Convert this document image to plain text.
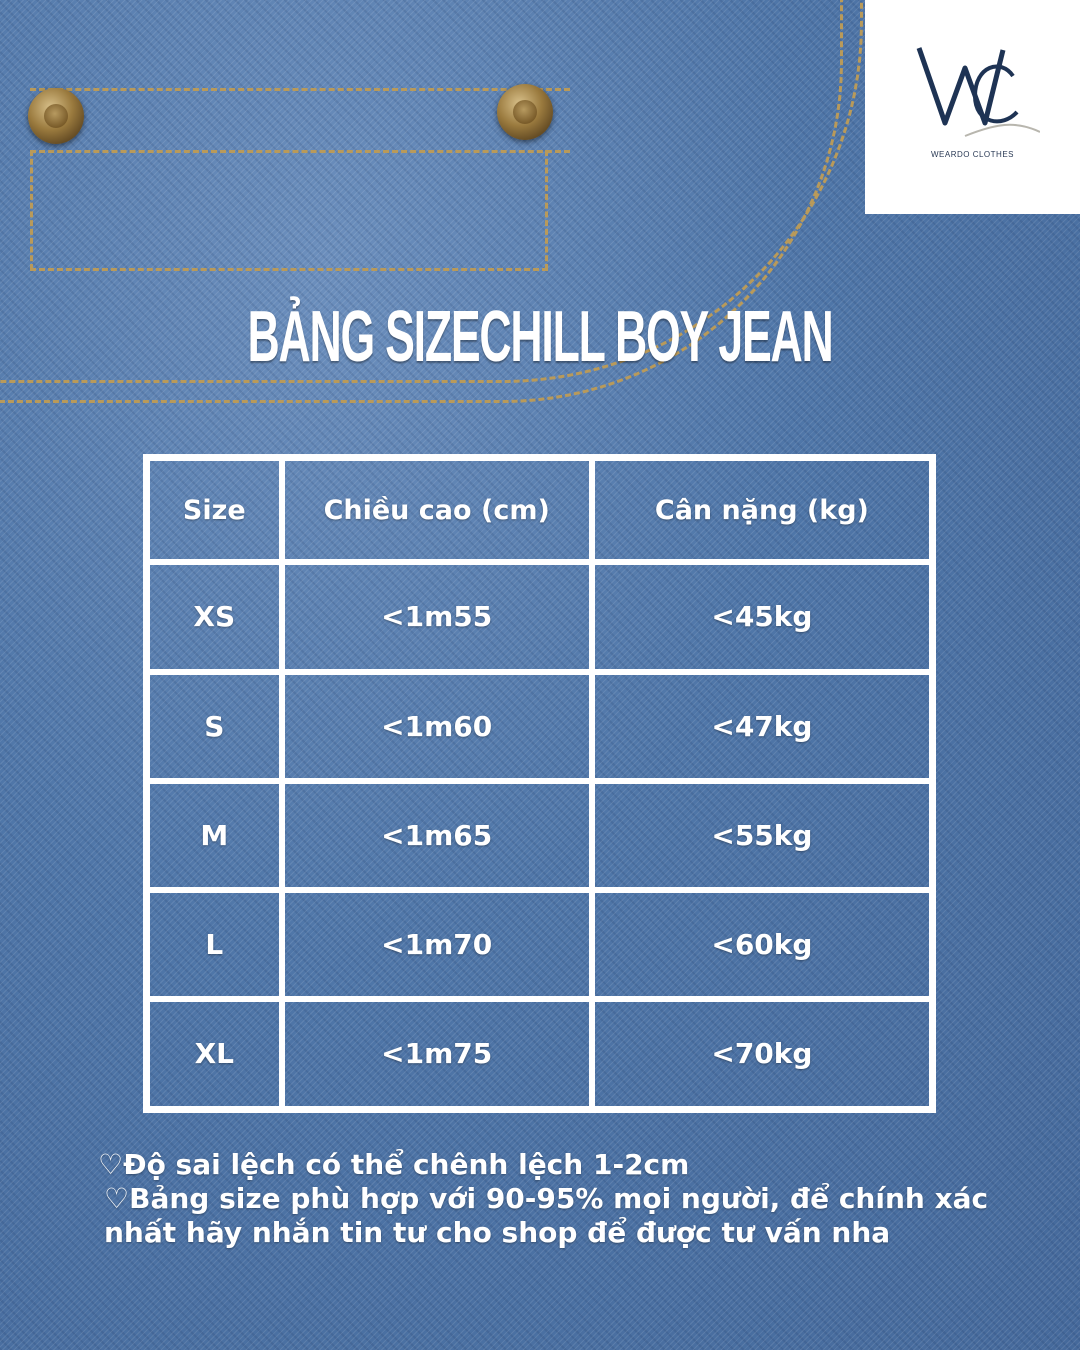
WEARDO CLOTHES
BẢNG SIZECHILL BOY JEAN
Size	Chiều cao (cm)	Cân nặng (kg)
XS	<1m55	<45kg
S	<1m60	<47kg
M	<1m65	<55kg
L	<1m70	<60kg
XL	<1m75	<70kg
♡Độ sai lệch có thể chênh lệch 1-2cm
♡Bảng size phù hợp với 90-95% mọi người, để chính xác nhất hãy nhắn tin tư cho shop để được tư vấn nha
